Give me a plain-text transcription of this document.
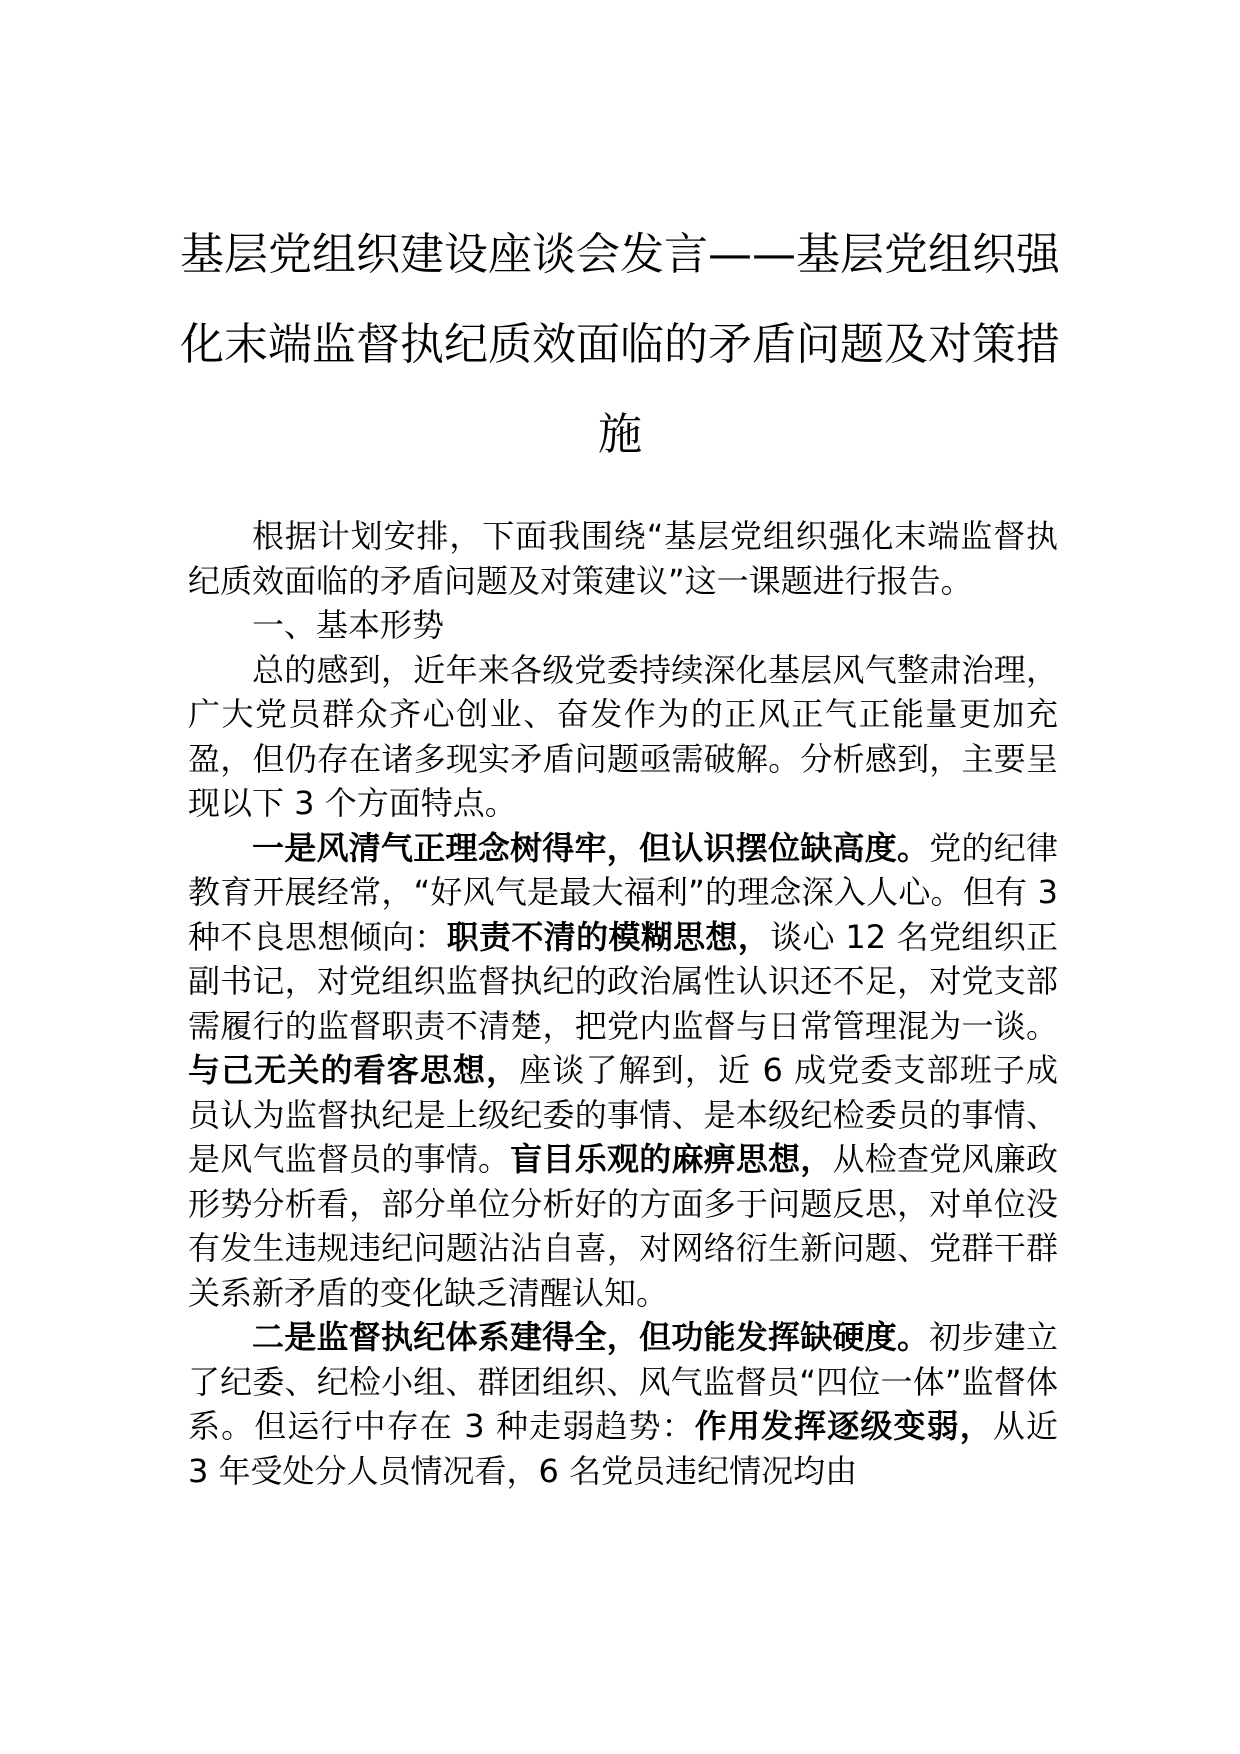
基层党组织建设座谈会发言——基层党组织强化末端监督执纪质效面临的矛盾问题及对策措施

根据计划安排，下面我围绕“基层党组织强化末端监督执纪质效面临的矛盾问题及对策建议”这一课题进行报告。

一、基本形势

总的感到，近年来各级党委持续深化基层风气整肃治理，广大党员群众齐心创业、奋发作为的正风正气正能量更加充盈，但仍存在诸多现实矛盾问题亟需破解。分析感到，主要呈现以下 3 个方面特点。

一是风清气正理念树得牢，但认识摆位缺高度。党的纪律教育开展经常，“好风气是最大福利”的理念深入人心。但有 3 种不良思想倾向：职责不清的模糊思想，谈心 12 名党组织正副书记，对党组织监督执纪的政治属性认识还不足，对党支部需履行的监督职责不清楚，把党内监督与日常管理混为一谈。与己无关的看客思想，座谈了解到，近 6 成党委支部班子成员认为监督执纪是上级纪委的事情、是本级纪检委员的事情、是风气监督员的事情。盲目乐观的麻痹思想，从检查党风廉政形势分析看，部分单位分析好的方面多于问题反思，对单位没有发生违规违纪问题沾沾自喜，对网络衍生新问题、党群干群关系新矛盾的变化缺乏清醒认知。

二是监督执纪体系建得全，但功能发挥缺硬度。初步建立了纪委、纪检小组、群团组织、风气监督员“四位一体”监督体系。但运行中存在 3 种走弱趋势：作用发挥逐级变弱，从近 3 年受处分人员情况看，6 名党员违纪情况均由
